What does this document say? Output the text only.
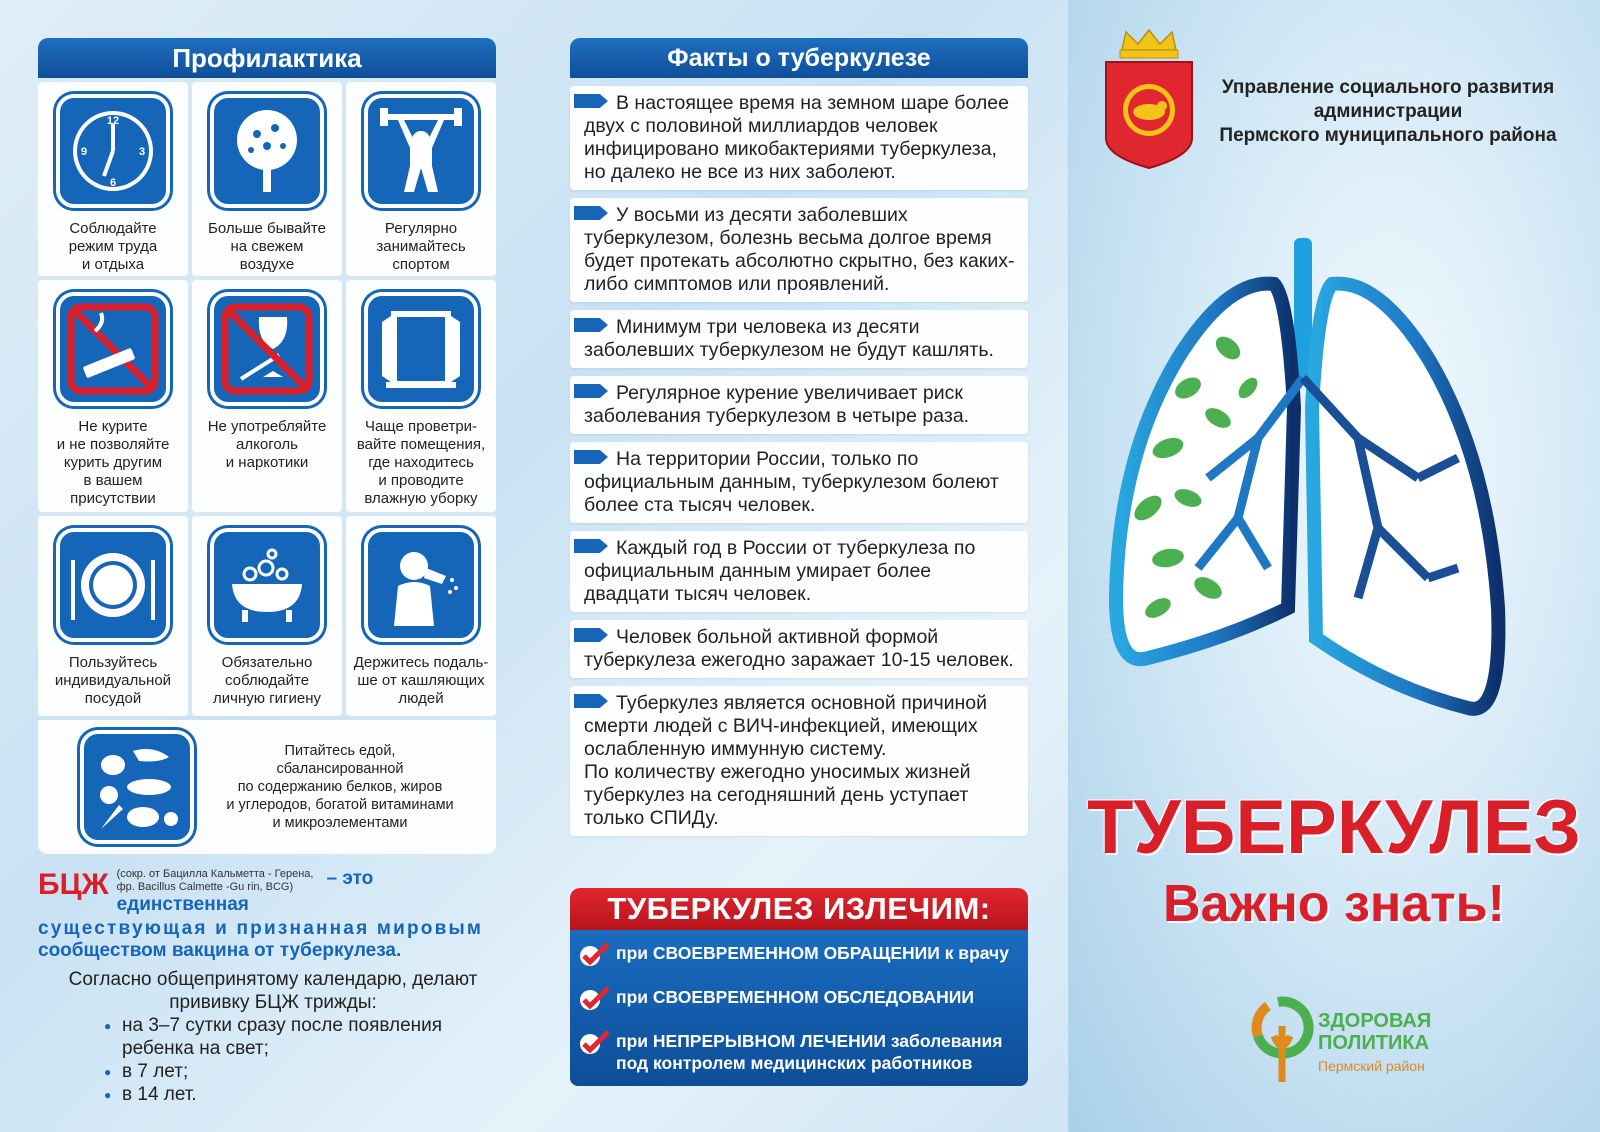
Профилактика
12
3
6
9
Соблюдайте
режим труда
и отдыха
Больше бывайте
на свежем
воздухе
Регулярно
занимайтесь
спортом
Не курите
и не позволяйте
курить другим
в вашем
присутствии
Не употребляйте
алкоголь
и наркотики
Чаще проветри-
вайте помещения,
где находитесь
и проводите
влажную уборку
Пользуйтесь
индивидуальной
посудой
Обязательно
соблюдайте
личную гигиену
Держитесь подаль-
ше от кашляющих
людей
Питайтесь едой, сбалансированной
по содержанию белков, жиров
и углеродов, богатой витаминами
и микроэлементами
БЦЖ (сокр. от Бацилла Кальметта - Герена, фр. Bacillus Calmette -Gu rin, BCG) – это единственная
существующая и признанная мировым
сообществом вакцина от туберкулеза.
Согласно общепринятому календарю, делают прививку БЦЖ трижды:
● на 3–7 сутки сразу после появления ребенка на свет;
● в 7 лет;
● в 14 лет.
Факты о туберкулезе
В настоящее время на земном шаре более двух с половиной миллиардов человек инфицировано микобактериями туберкулеза, но далеко не все из них заболеют.
У восьми из десяти заболевших туберкулезом, болезнь весьма долгое время будет протекать абсолютно скрытно, без каких-либо симптомов или проявлений.
Минимум три человека из десяти заболевших туберкулезом не будут кашлять.
Регулярное курение увеличивает риск заболевания туберкулезом в четыре раза.
На территории России, только по официальным данным, туберкулезом болеют более ста тысяч человек.
Каждый год в России от туберкулеза по официальным данным умирает более двадцати тысяч человек.
Человек больной активной формой туберкулеза ежегодно заражает 10-15 человек.
Туберкулез является основной причиной смерти людей с ВИЧ-инфекцией, имеющих ослабленную иммунную систему.
По количеству ежегодно уносимых жизней туберкулез на сегодняшний день уступает только СПИДу.
ТУБЕРКУЛЕЗ ИЗЛЕЧИМ:
при СВОЕВРЕМЕННОМ ОБРАЩЕНИИ к врачу
при СВОЕВРЕМЕННОМ ОБСЛЕДОВАНИИ
при НЕПРЕРЫВНОМ ЛЕЧЕНИИ заболевания под контролем медицинских работников
Управление социального развития
администрации
Пермского муниципального района
ТУБЕРКУЛЕЗ
Важно знать!
ЗДОРОВАЯ
ПОЛИТИКА
Пермский район
